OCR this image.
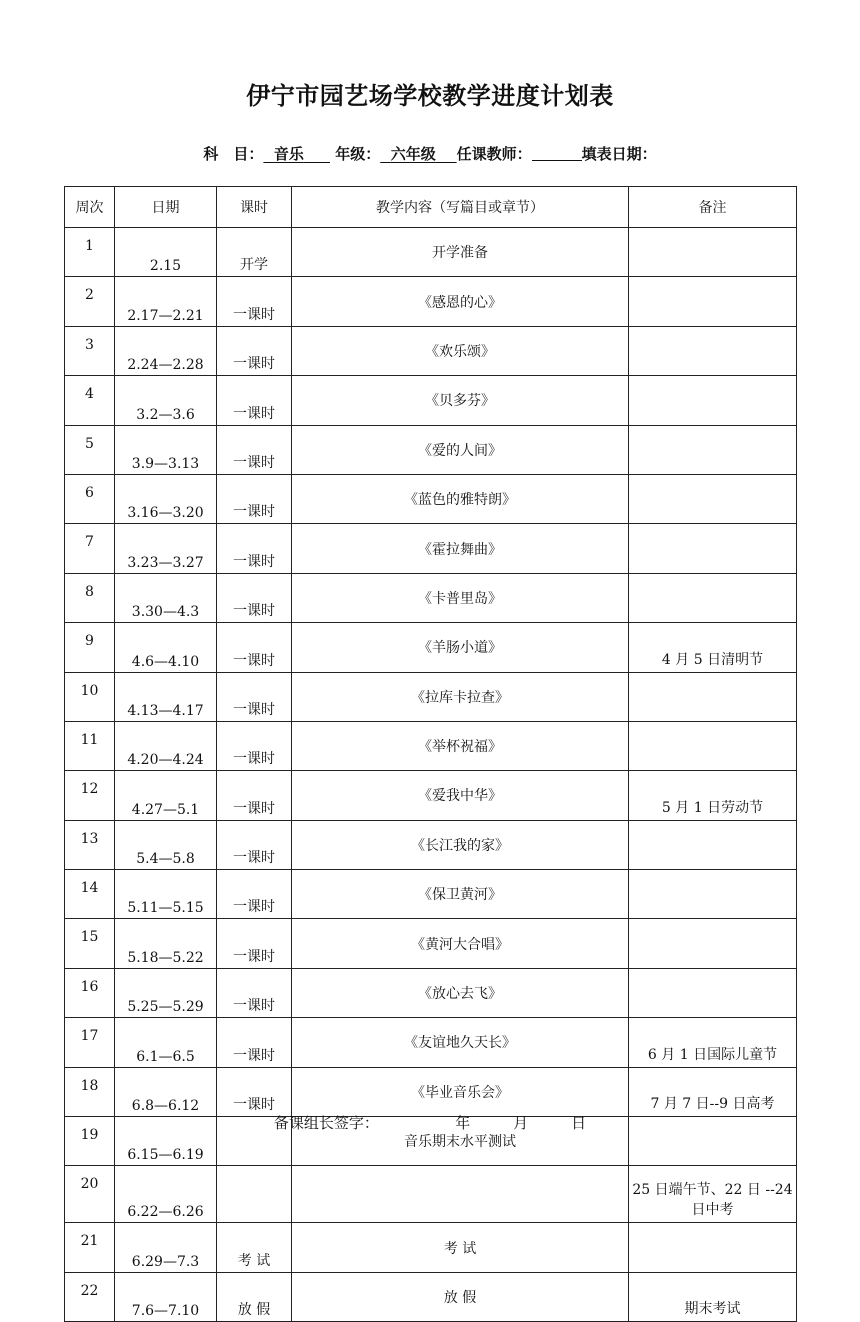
伊宁市园艺场学校教学进度计划表
科　目： 音乐 年级： 六年级 任课教师：	填表日期：
周次	日期	课时	教学内容（写篇目或章节）	备注
1	2.15	开学	开学准备	
2	2.17—2.21	一课时	《感恩的心》	
3	2.24—2.28	一课时	《欢乐颂》	
4	3.2—3.6	一课时	《贝多芬》	
5	3.9—3.13	一课时	《爱的人间》	
6	3.16—3.20	一课时	《蓝色的雅特朗》	
7	3.23—3.27	一课时	《霍拉舞曲》	
8	3.30—4.3	一课时	《卡普里岛》	
9	4.6—4.10	一课时	《羊肠小道》	4 月 5 日清明节
10	4.13—4.17	一课时	《拉库卡拉查》	
11	4.20—4.24	一课时	《举杯祝福》	
12	4.27—5.1	一课时	《爱我中华》	5 月 1 日劳动节
13	5.4—5.8	一课时	《长江我的家》	
14	5.11—5.15	一课时	《保卫黄河》	
15	5.18—5.22	一课时	《黄河大合唱》	
16	5.25—5.29	一课时	《放心去飞》	
17	6.1—6.5	一课时	《友谊地久天长》	6 月 1 日国际儿童节
18	6.8—6.12	一课时	《毕业音乐会》	7 月 7 日--9 日高考
19	6.15—6.19		音乐期末水平测试	
20	6.22—6.26			25 日端午节、22 日 --24 日中考
21	6.29—7.3	考 试	考 试	
22	7.6—7.10	放 假	放 假	期末考试
备课组长签字：	年	月	日
